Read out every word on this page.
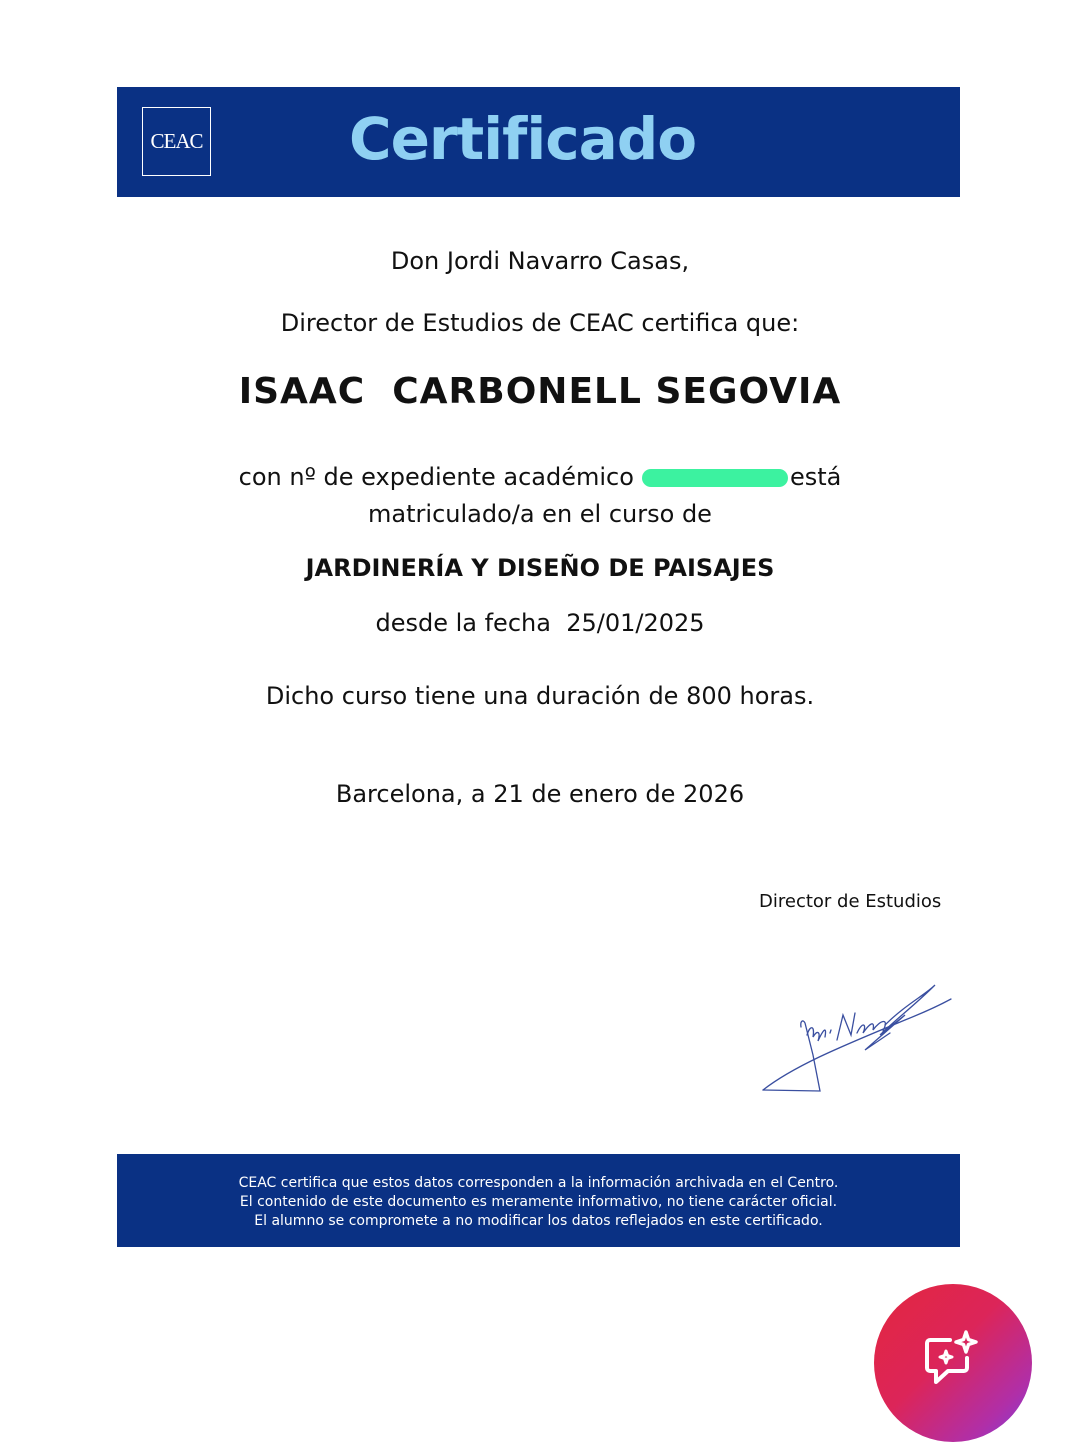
CEAC	Certificado
Don Jordi Navarro Casas,
Director de Estudios de CEAC certifica que:
ISAAC  CARBONELL SEGOVIA
con nº de expediente académico	está
matriculado/a en el curso de
JARDINERÍA Y DISEÑO DE PAISAJES
desde la fecha  25/01/2025
Dicho curso tiene una duración de 800 horas.
Barcelona, a 21 de enero de 2026
Director de Estudios
CEAC certifica que estos datos corresponden a la información archivada en el Centro.
El contenido de este documento es meramente informativo, no tiene carácter oficial.
El alumno se compromete a no modificar los datos reflejados en este certificado.
